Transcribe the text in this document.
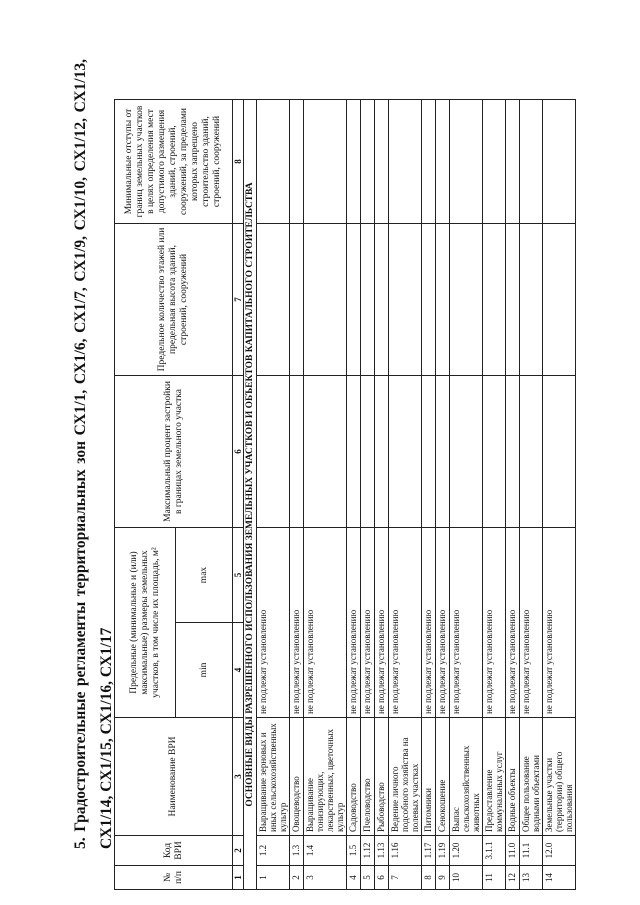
5. Градостроительные регламенты территориальных зон СХ1/1, СХ1/6, СХ1/7, СХ1/9, СХ1/10, СХ1/12, СХ1/13, СХ1/14, СХ1/15, СХ1/16, СХ1/17
№ п/п	Код ВРИ	Наименование ВРИ	Предельные (минимальные и (или) максимальные) размеры земельных участков, в том числе их площадь, м²		Максимальный процент застройки в границах земельного участка	Предельное количество этажей или предельная высота зданий, строений, сооружений	Минимальные отступы от границ земельных участков в целях определения мест допустимого размещения зданий, строений, сооружений, за пределами которых запрещено строительство зданий, строений, сооружений
			min	max			
1	2	3	4	5	6	7	8
ОСНОВНЫЕ ВИДЫ РАЗРЕШЕННОГО ИСПОЛЬЗОВАНИЯ ЗЕМЕЛЬНЫХ УЧАСТКОВ И ОБЪЕКТОВ КАПИТАЛЬНОГО СТРОИТЕЛЬСТВА							
1	1.2	Выращивание зерновых и иных сельскохозяйственных культур	не подлежат установлению				
2	1.3	Овощеводство	не подлежат установлению				
3	1.4	Выращивание тонизирующих, лекарственных, цветочных культур	не подлежат установлению				
4	1.5	Садоводство	не подлежат установлению				
5	1.12	Пчеловодство	не подлежат установлению				
6	1.13	Рыбоводство	не подлежат установлению				
7	1.16	Ведение личного подсобного хозяйства на полевых участках	не подлежат установлению				
8	1.17	Питомники	не подлежат установлению				
9	1.19	Сенокошение	не подлежат установлению				
10	1.20	Выпас сельскохозяйственных животных	не подлежат установлению				
11	3.1.1	Предоставление коммунальных услуг	не подлежат установлению				
12	11.0	Водные объекты	не подлежат установлению				
13	11.1	Общее пользование водными объектами	не подлежат установлению				
14	12.0	Земельные участки (территории) общего пользования	не подлежат установлению				
